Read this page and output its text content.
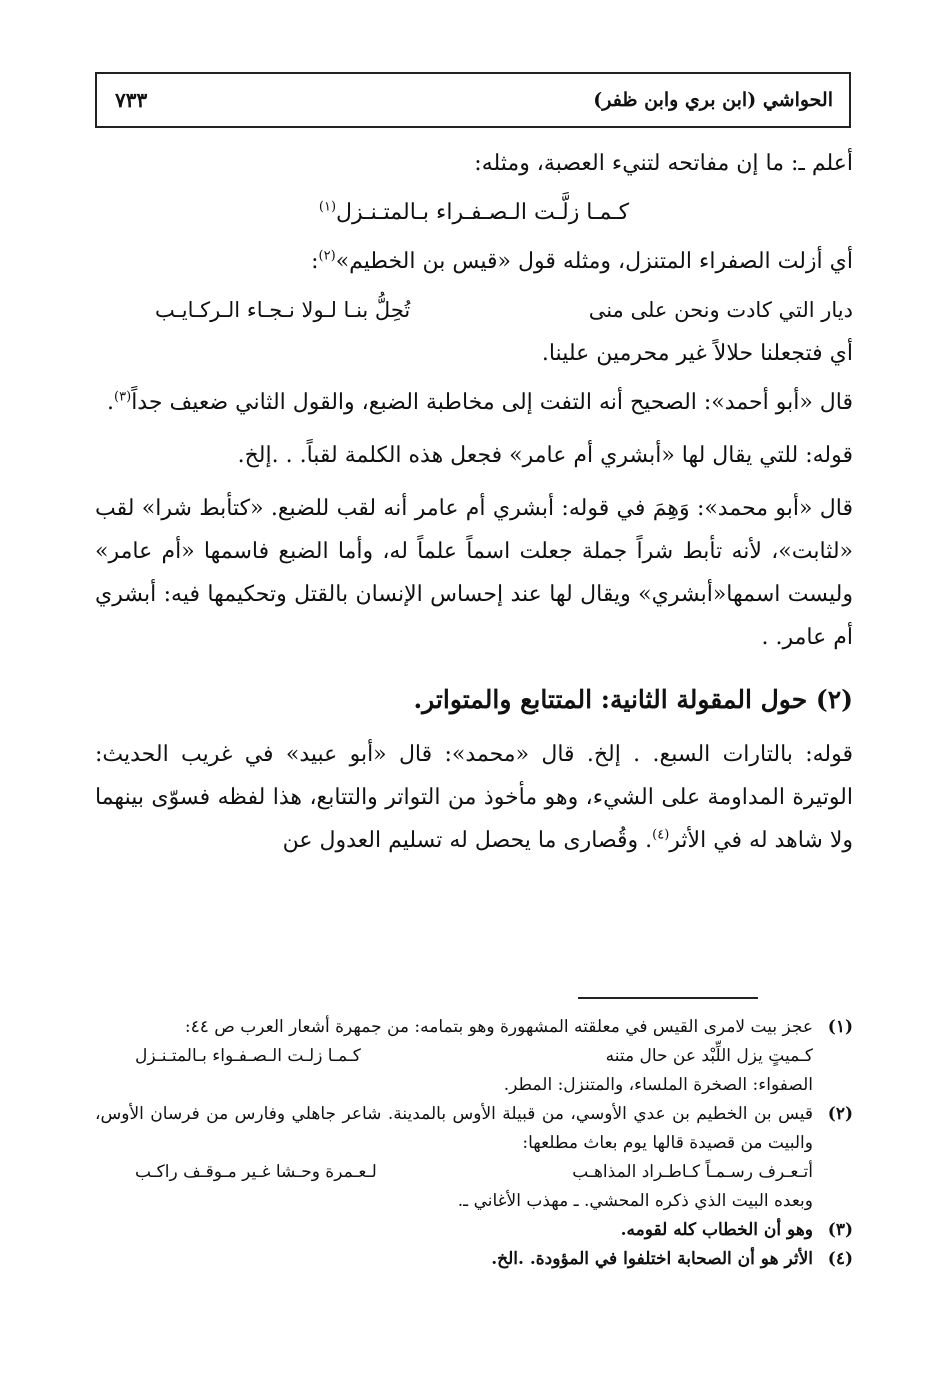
الحواشي (ابن بري وابن ظفر)
٧٣٣

أعلم ـ: ما إن مفاتحه لتنيء العصبة، ومثله:

كـمـا زلَّـت الـصـفـراء بـالمتـنـزل$^{(١)}$

أي أزلت الصفراء المتنزل، ومثله قول «قيس بن الخطيم»$^{(٢)}$:

ديار التي كادت ونحن على منى
تُحِلُّ بنـا لـولا نـجـاء الـركـايـب

أي فتجعلنا حلالاً غير محرمين علينا.

قال «أبو أحمد»: الصحيح أنه التفت إلى مخاطبة الضبع، والقول الثاني ضعيف جداً$^{(٣)}$.

قوله: للتي يقال لها «أبشري أم عامر» فجعل هذه الكلمة لقباً. . .إلخ.

قال «أبو محمد»: وَهِمَ في قوله: أبشري أم عامر أنه لقب للضبع. «كتأبط شرا» لقب «لثابت»، لأنه تأبط شراً جملة جعلت اسماً علماً له، وأما الضبع فاسمها «أم عامر» وليست اسمها«أبشري» ويقال لها عند إحساس الإنسان بالقتل وتحكيمها فيه: أبشري أم عامر. .

(٢) حول المقولة الثانية: المتتابع والمتواتر.

قوله: بالتارات السبع. . إلخ. قال «محمد»: قال «أبو عبيد» في غريب الحديث: الوتيرة المداومة على الشيء، وهو مأخوذ من التواتر والتتابع، هذا لفظه فسوّى بينهما ولا شاهد له في الأثر$^{(٤)}$. وقُصارى ما يحصل له تسليم العدول عن

(١)
عجز بيت لامرى القيس في معلقته المشهورة وهو بتمامه: من جمهرة أشعار العرب ص ٤٤:
كـميتٍ يزل اللِّبْد عن حال متنه
كـمـا زلـت الـصـفـواء بـالمتـنـزل
الصفواء: الصخرة الملساء، والمتنزل: المطر.
(٢)
قيس بن الخطيم بن عدي الأوسي، من قبيلة الأوس بالمدينة. شاعر جاهلي وفارس من فرسان الأوس، والبيت من قصيدة قالها يوم بعاث مطلعها:
أتـعـرف رسـمـاً كـاطـراد المذاهـب
لـعـمرة وحـشا غـير مـوقـف راكـب
وبعده البيت الذي ذكره المحشي. ـ مهذب الأغاني ـ.
(٣)
وهو أن الخطاب كله لقومه.
(٤)
الأثر هو أن الصحابة اختلفوا في المؤودة. .الخ.
